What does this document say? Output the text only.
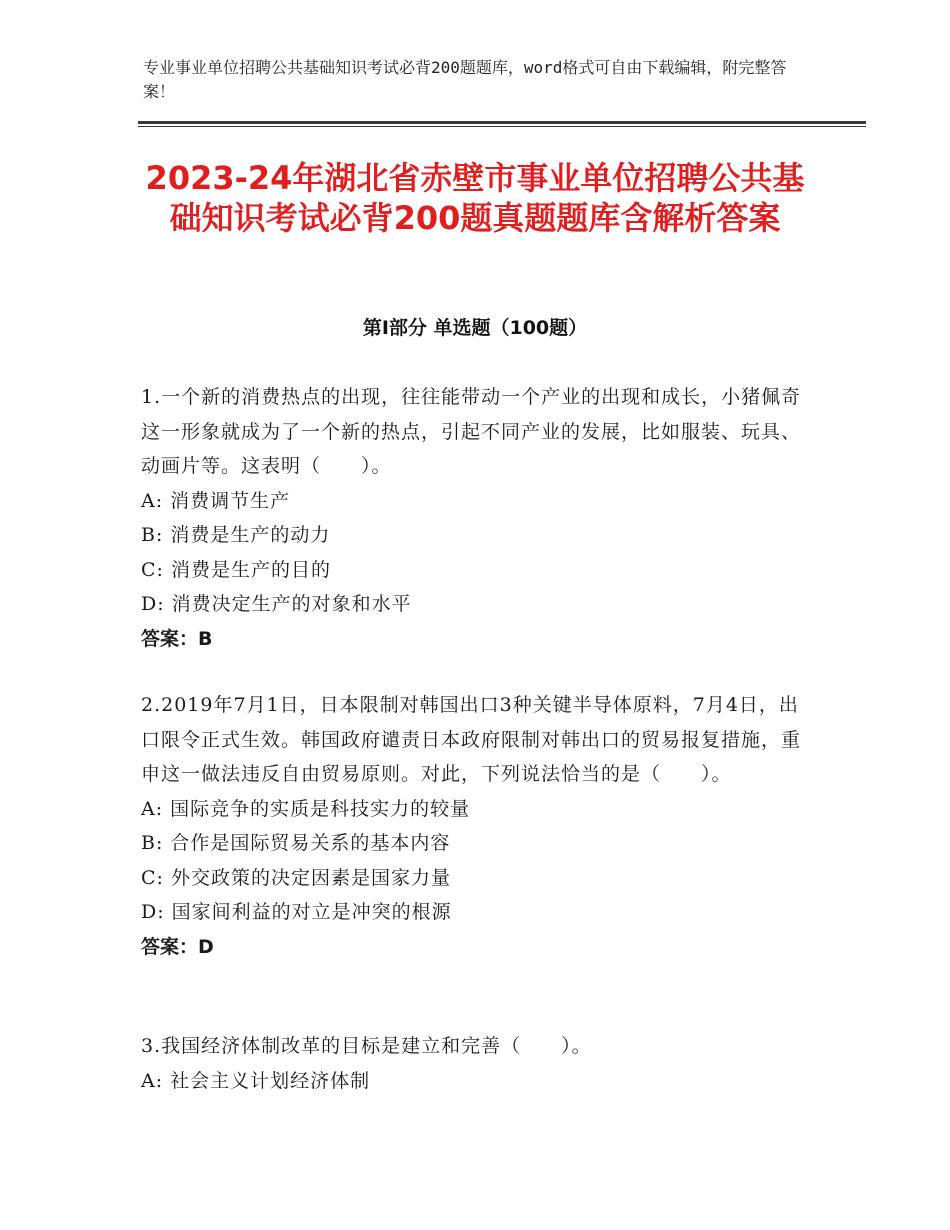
专业事业单位招聘公共基础知识考试必背200题题库，word格式可自由下载编辑，附完整答案！
2023-24年湖北省赤壁市事业单位招聘公共基础知识考试必背200题真题题库含解析答案
第Ⅰ部分 单选题（100题）
1.一个新的消费热点的出现，往往能带动一个产业的出现和成长，小猪佩奇这一形象就成为了一个新的热点，引起不同产业的发展，比如服装、玩具、动画片等。这表明（　　）。
A: 消费调节生产
B: 消费是生产的动力
C: 消费是生产的目的
D: 消费决定生产的对象和水平
答案：B
2.2019年7月1日，日本限制对韩国出口3种关键半导体原料，7月4日，出口限令正式生效。韩国政府谴责日本政府限制对韩出口的贸易报复措施，重申这一做法违反自由贸易原则。对此，下列说法恰当的是（　　）。
A: 国际竞争的实质是科技实力的较量
B: 合作是国际贸易关系的基本内容
C: 外交政策的决定因素是国家力量
D: 国家间利益的对立是冲突的根源
答案：D
3.我国经济体制改革的目标是建立和完善（　　）。
A: 社会主义计划经济体制
